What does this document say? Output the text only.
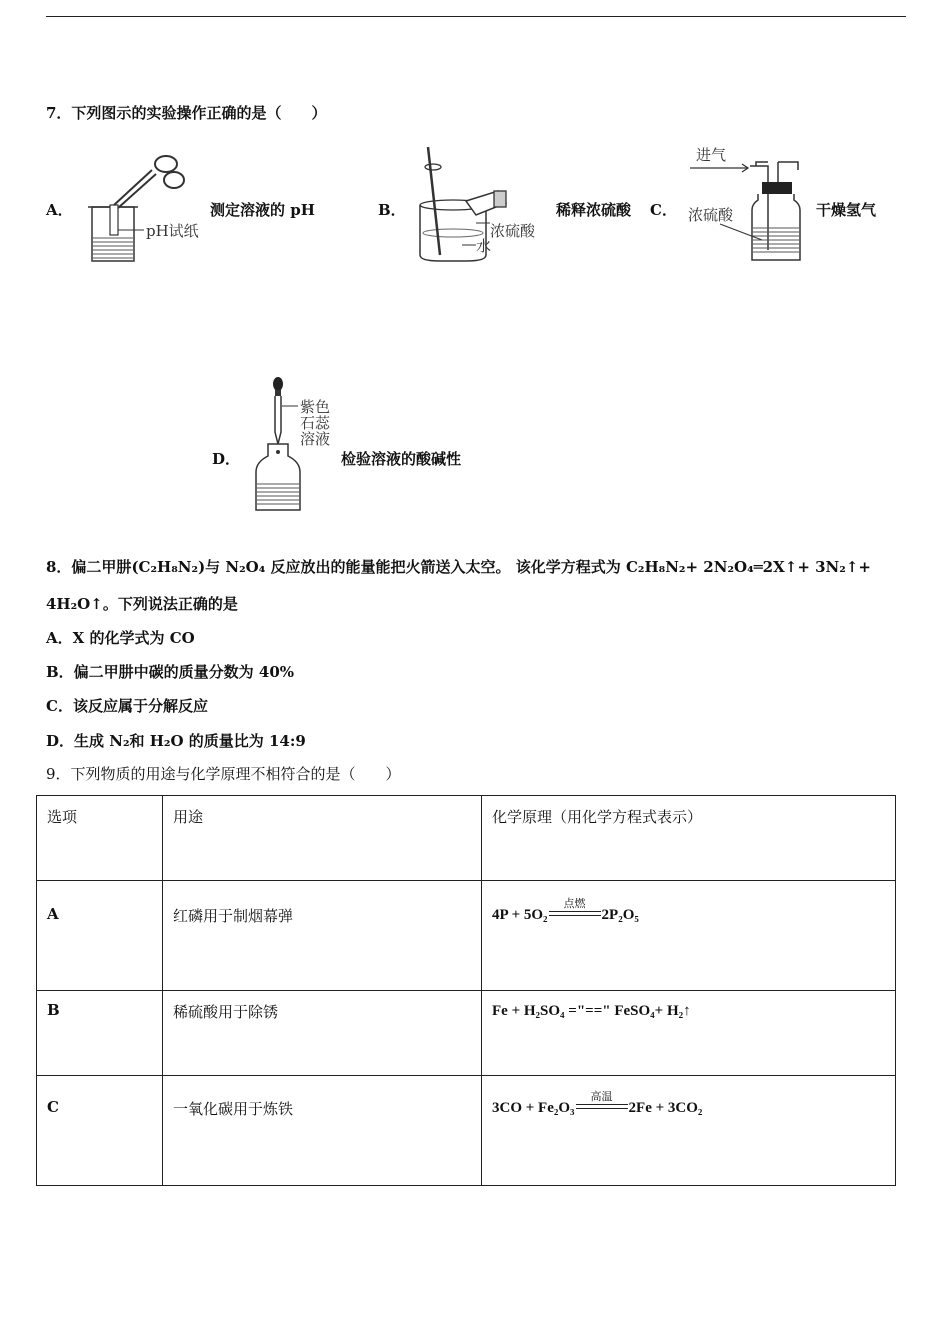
7．下列图示的实验操作正确的是（　　）
A．
pH试纸
测定溶液的 pH	B．
浓硫酸
水
稀释浓硫酸 C．
进气
浓硫酸	干燥氢气
D．
紫色
石蕊
溶液
检验溶液的酸碱性
8．偏二甲肼(C₂H₈N₂)与 N₂O₄ 反应放出的能量能把火箭送入太空。 该化学方程式为 C₂H₈N₂+ 2N₂O₄═2X↑+ 3N₂↑+
4H₂O↑。下列说法正确的是
A．X 的化学式为 CO
B．偏二甲肼中碳的质量分数为 40%
C．该反应属于分解反应
D．生成 N₂和 H₂O 的质量比为 14:9
9．下列物质的用途与化学原理不相符合的是（　　）
选项	用途	化学原理（用化学方程式表示）
A	红磷用于制烟幕弹	4P + 5O₂
点燃
2P₂O₅
B	稀硫酸用于除锈	Fe + H₂SO₄ ="==" FeSO₄+ H₂↑
C	一氧化碳用于炼铁	3CO + Fe₂O₃
高温
2Fe + 3CO₂
